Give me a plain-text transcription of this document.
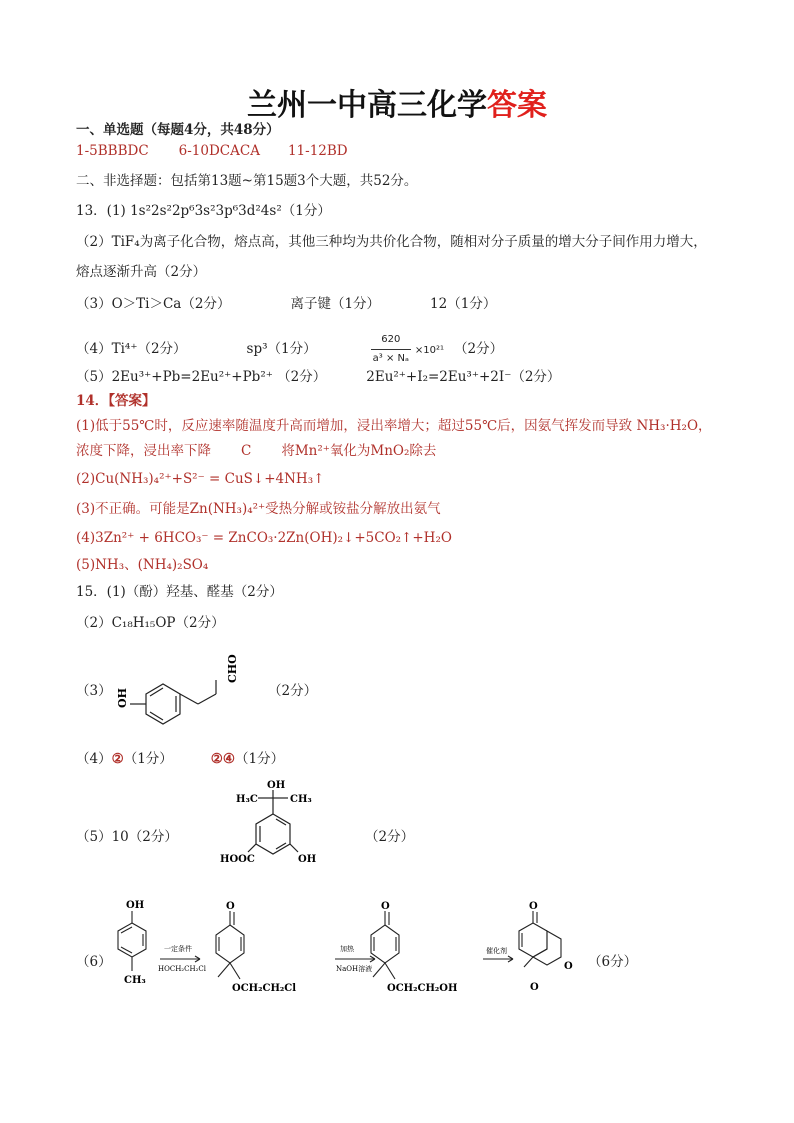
兰州一中高三化学答案
一、单选题（每题4分，共48分）
1-5BBBDC 6-10DCACA 11-12BD
二、非选择题：包括第13题~第15题3个大题，共52分。
13．(1) 1s²2s²2p⁶3s²3p⁶3d²4s²（1分）
（2）TiF₄为离子化合物，熔点高，其他三种均为共价化合物，随相对分子质量的增大分子间作用力增大，
熔点逐渐升高（2分）
（3）O＞Ti＞Ca（2分）	离子键（1分）	12（1分）
（4）Ti⁴⁺（2分）	sp³（1分）	$\frac{620}{\text{a³ × Nₐ}} \times 10^{21}$ （2分）
（5）2Eu³⁺+Pb=2Eu²⁺+Pb²⁺ （2分）	2Eu²⁺+I₂=2Eu³⁺+2I⁻（2分）
14．【答案】
(1)低于55℃时，反应速率随温度升高而增加，浸出率增大；超过55℃后，因氨气挥发而导致 NH₃·H₂O，
浓度下降，浸出率下降 C 将Mn²⁺氧化为MnO₂除去
(2)Cu(NH₃)₄²⁺+S²⁻ = CuS↓+4NH₃↑
(3)不正确。可能是Zn(NH₃)₄²⁺受热分解或铵盐分解放出氨气
(4)3Zn²⁺ + 6HCO₃⁻ = ZnCO₃·2Zn(OH)₂↓+5CO₂↑+H₂O
(5)NH₃、(NH₄)₂SO₄
15．(1)（酚）羟基、醛基（2分）
（2）C₁₈H₁₅OP（2分）
（3） OH
CHO
（2分）
（4）②（1分）	②④（1分）
（5）10（2分）
OH
H₃C	CH₃
HOOC	OH
（2分）
（6）
OH
CH₃
一定条件
HOCH₂CH₂Cl
O
OCH₂CH₂Cl
加热
NaOH溶液
O
OCH₂CH₂OH
催化剂
O
O
O
（6分）
